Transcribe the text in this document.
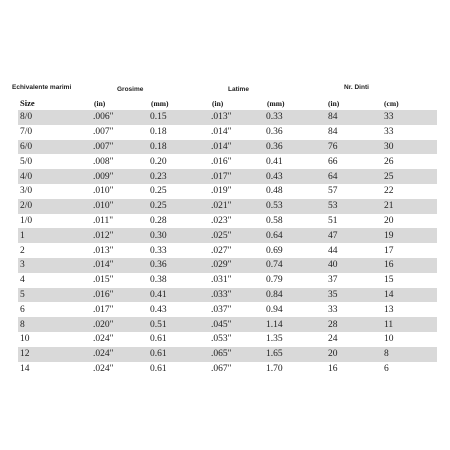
Echivalente marimi	Grosime	Latime	Nr. Dinti
Size	(in)	(mm)	(in)	(mm)	(in)	(cm)
8/0	.006"	0.15	.013"	0.33	84	33
7/0	.007"	0.18	.014"	0.36	84	33
6/0	.007"	0.18	.014"	0.36	76	30
5/0	.008"	0.20	.016"	0.41	66	26
4/0	.009"	0.23	.017"	0.43	64	25
3/0	.010"	0.25	.019"	0.48	57	22
2/0	.010"	0.25	.021"	0.53	53	21
1/0	.011"	0.28	.023"	0.58	51	20
1	.012"	0.30	.025"	0.64	47	19
2	.013"	0.33	.027"	0.69	44	17
3	.014"	0.36	.029"	0.74	40	16
4	.015"	0.38	.031"	0.79	37	15
5	.016"	0.41	.033"	0.84	35	14
6	.017"	0.43	.037"	0.94	33	13
8	.020"	0.51	.045"	1.14	28	11
10	.024"	0.61	.053"	1.35	24	10
12	.024"	0.61	.065"	1.65	20	8
14	.024"	0.61	.067"	1.70	16	6
